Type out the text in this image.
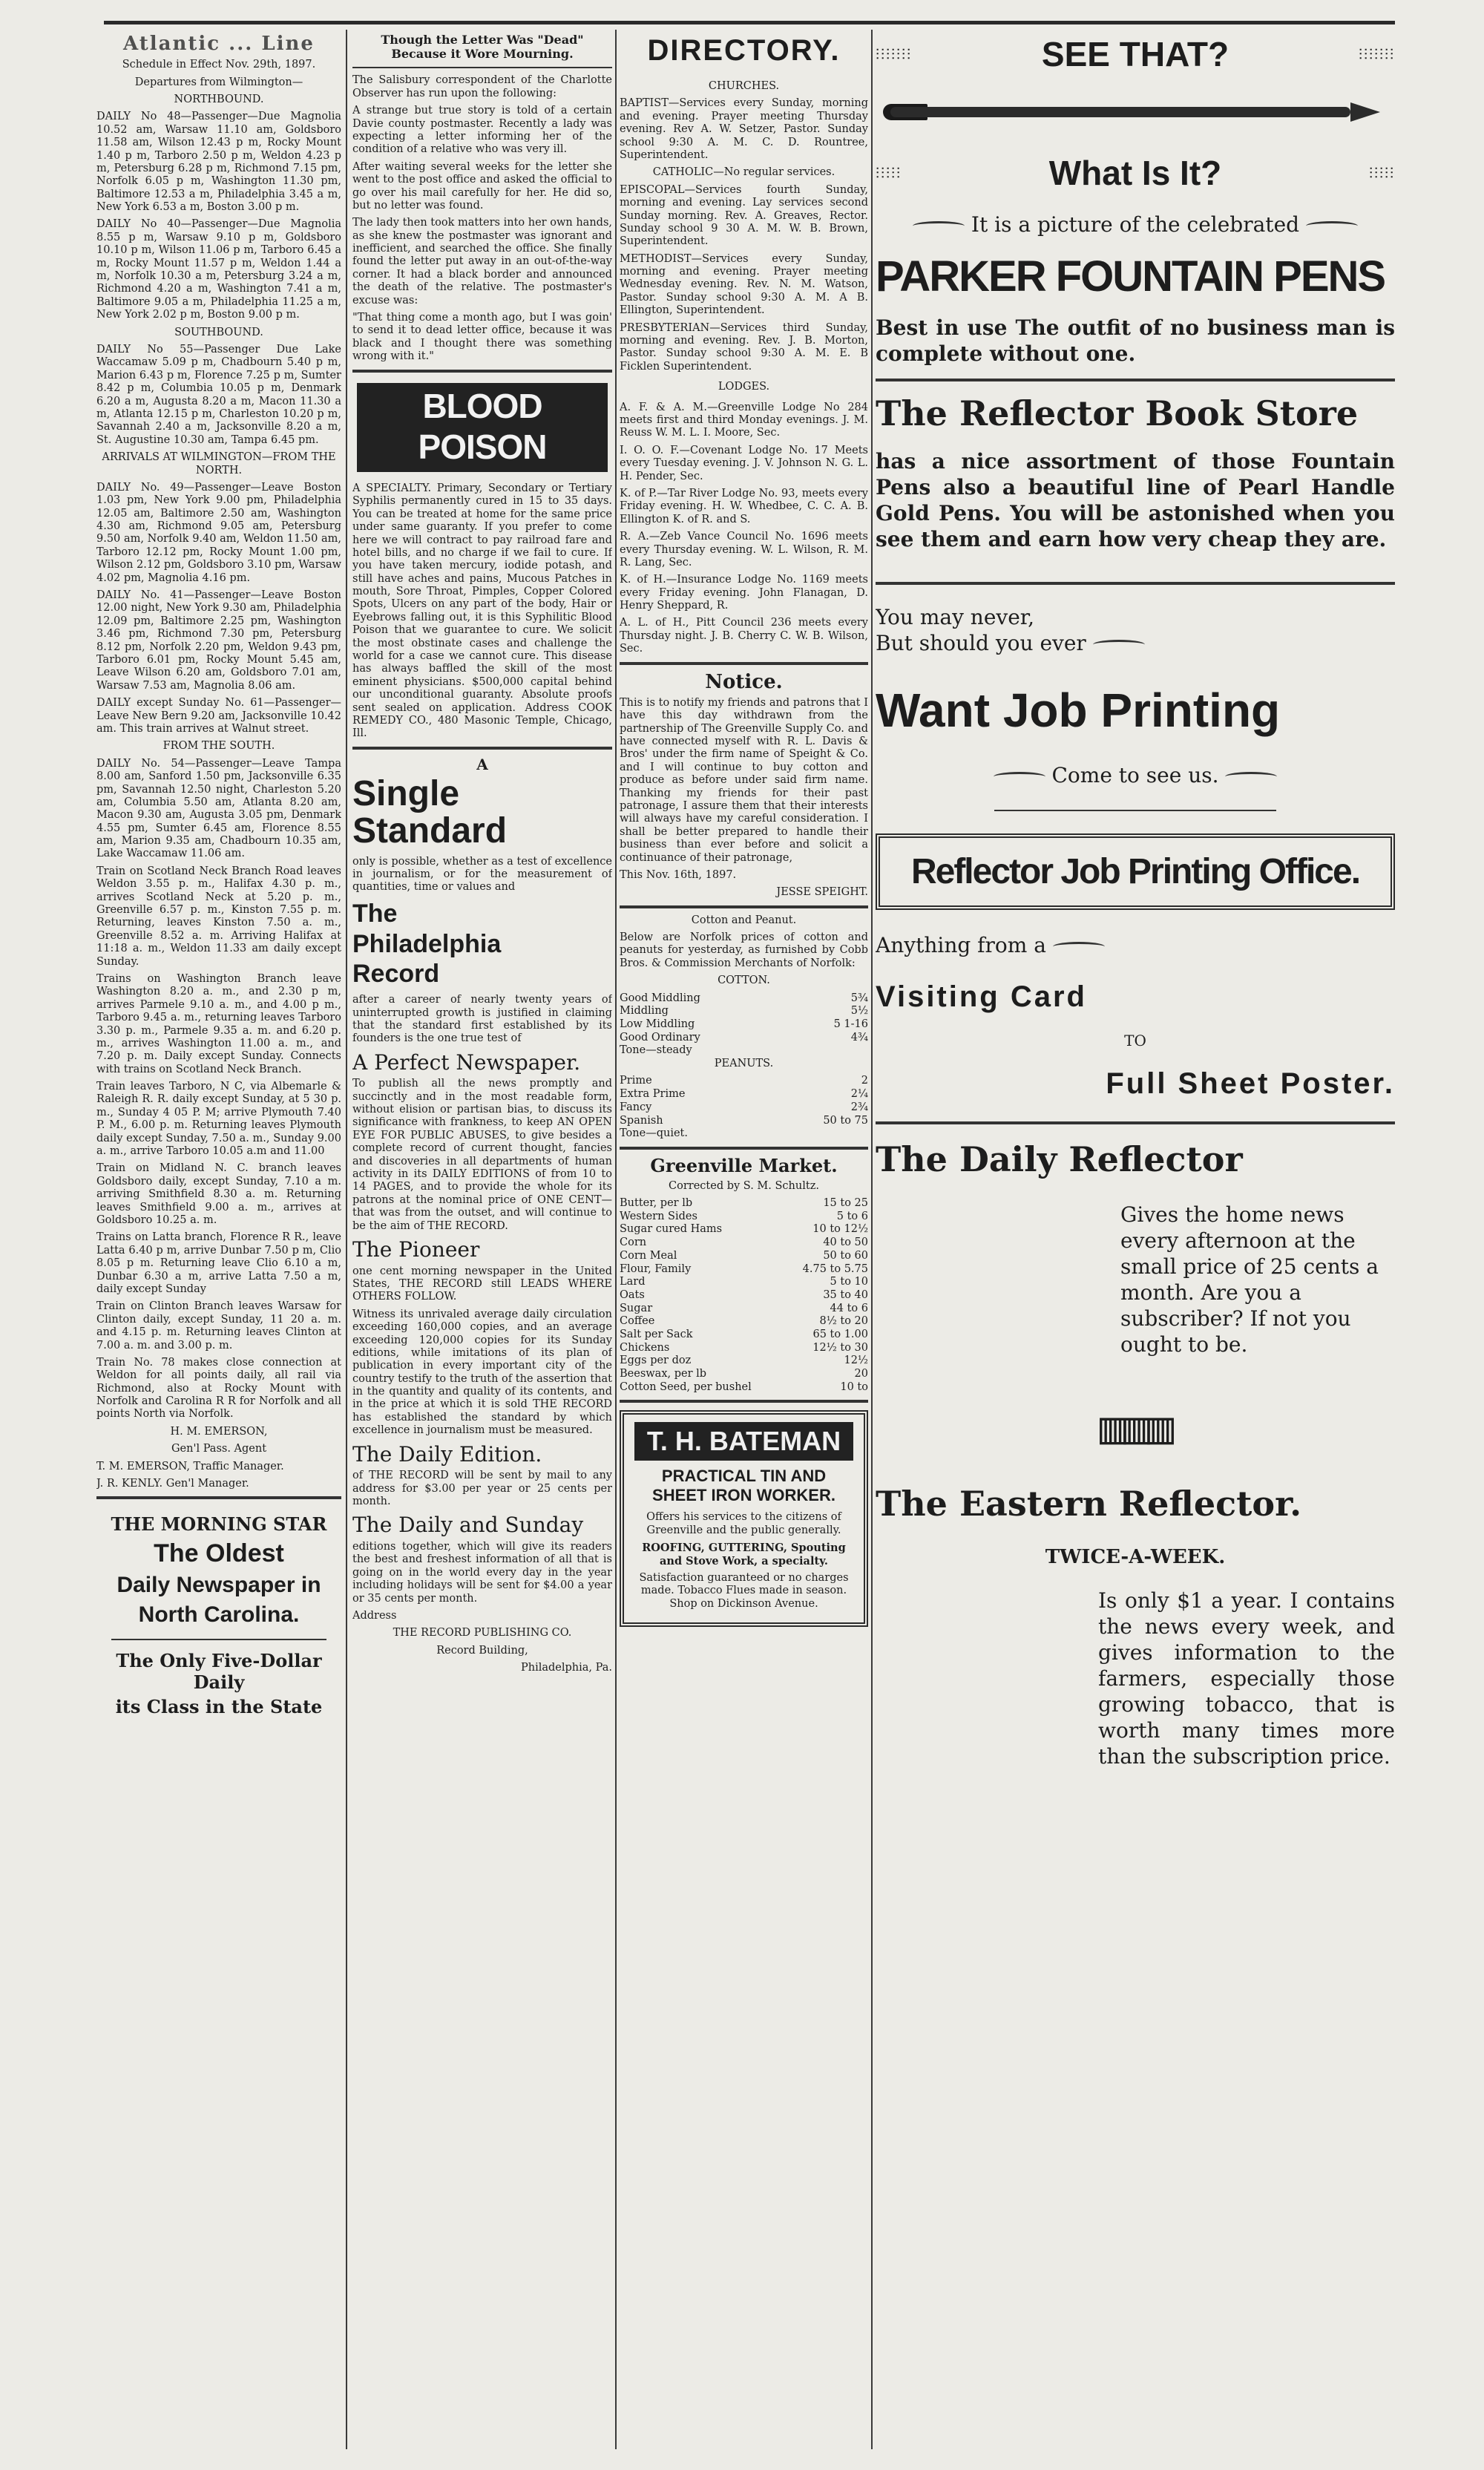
Atlantic ... Line

Schedule in Effect Nov. 29th, 1897.

Departures from Wilmington—

NORTHBOUND.

DAILY No 48—Passenger—Due Magnolia 10.52 am, Warsaw 11.10 am, Goldsboro 11.58 am, Wilson 12.43 p m, Rocky Mount 1.40 p m, Tarboro 2.50 p m, Weldon 4.23 p m, Petersburg 6.28 p m, Richmond 7.15 pm, Norfolk 6.05 p m, Washington 11.30 pm, Baltimore 12.53 a m, Philadelphia 3.45 a m, New York 6.53 a m, Boston 3.00 p m.

DAILY No 40—Passenger—Due Magnolia 8.55 p m, Warsaw 9.10 p m, Goldsboro 10.10 p m, Wilson 11.06 p m, Tarboro 6.45 a m, Rocky Mount 11.57 p m, Weldon 1.44 a m, Norfolk 10.30 a m, Petersburg 3.24 a m, Richmond 4.20 a m, Washington 7.41 a m, Baltimore 9.05 a m, Philadelphia 11.25 a m, New York 2.02 p m, Boston 9.00 p m.

SOUTHBOUND.

DAILY No 55—Passenger Due Lake Waccamaw 5.09 p m, Chadbourn 5.40 p m, Marion 6.43 p m, Florence 7.25 p m, Sumter 8.42 p m, Columbia 10.05 p m, Denmark 6.20 a m, Augusta 8.20 a m, Macon 11.30 a m, Atlanta 12.15 p m, Charleston 10.20 p m, Savannah 2.40 a m, Jacksonville 8.20 a m, St. Augustine 10.30 am, Tampa 6.45 pm.

ARRIVALS AT WILMINGTON—FROM THE NORTH.

DAILY No. 49—Passenger—Leave Boston 1.03 pm, New York 9.00 pm, Philadelphia 12.05 am, Baltimore 2.50 am, Washington 4.30 am, Richmond 9.05 am, Petersburg 9.50 am, Norfolk 9.40 am, Weldon 11.50 am, Tarboro 12.12 pm, Rocky Mount 1.00 pm, Wilson 2.12 pm, Goldsboro 3.10 pm, Warsaw 4.02 pm, Magnolia 4.16 pm.

DAILY No. 41—Passenger—Leave Boston 12.00 night, New York 9.30 am, Philadelphia 12.09 pm, Baltimore 2.25 pm, Washington 3.46 pm, Richmond 7.30 pm, Petersburg 8.12 pm, Norfolk 2.20 pm, Weldon 9.43 pm, Tarboro 6.01 pm, Rocky Mount 5.45 am, Leave Wilson 6.20 am, Goldsboro 7.01 am, Warsaw 7.53 am, Magnolia 8.06 am.

DAILY except Sunday No. 61—Passenger—Leave New Bern 9.20 am, Jacksonville 10.42 am. This train arrives at Walnut street.

FROM THE SOUTH.

DAILY No. 54—Passenger—Leave Tampa 8.00 am, Sanford 1.50 pm, Jacksonville 6.35 pm, Savannah 12.50 night, Charleston 5.20 am, Columbia 5.50 am, Atlanta 8.20 am, Macon 9.30 am, Augusta 3.05 pm, Denmark 4.55 pm, Sumter 6.45 am, Florence 8.55 am, Marion 9.35 am, Chadbourn 10.35 am, Lake Waccamaw 11.06 am.

Train on Scotland Neck Branch Road leaves Weldon 3.55 p. m., Halifax 4.30 p. m., arrives Scotland Neck at 5.20 p. m., Greenville 6.57 p. m., Kinston 7.55 p. m. Returning, leaves Kinston 7.50 a. m., Greenville 8.52 a. m. Arriving Halifax at 11:18 a. m., Weldon 11.33 am daily except Sunday.

Trains on Washington Branch leave Washington 8.20 a. m., and 2.30 p m, arrives Parmele 9.10 a. m., and 4.00 p m., Tarboro 9.45 a. m., returning leaves Tarboro 3.30 p. m., Parmele 9.35 a. m. and 6.20 p. m., arrives Washington 11.00 a. m., and 7.20 p. m. Daily except Sunday. Connects with trains on Scotland Neck Branch.

Train leaves Tarboro, N C, via Albemarle & Raleigh R. R. daily except Sunday, at 5 30 p. m., Sunday 4 05 P. M; arrive Plymouth 7.40 P. M., 6.00 p. m. Returning leaves Plymouth daily except Sunday, 7.50 a. m., Sunday 9.00 a. m., arrive Tarboro 10.05 a.m and 11.00

Train on Midland N. C. branch leaves Goldsboro daily, except Sunday, 7.10 a m. arriving Smithfield 8.30 a. m. Returning leaves Smithfield 9.00 a. m., arrives at Goldsboro 10.25 a. m.

Trains on Latta branch, Florence R R., leave Latta 6.40 p m, arrive Dunbar 7.50 p m, Clio 8.05 p m. Returning leave Clio 6.10 a m, Dunbar 6.30 a m, arrive Latta 7.50 a m, daily except Sunday

Train on Clinton Branch leaves Warsaw for Clinton daily, except Sunday, 11 20 a. m. and 4.15 p. m. Returning leaves Clinton at 7.00 a. m. and 3.00 p. m.

Train No. 78 makes close connection at Weldon for all points daily, all rail via Richmond, also at Rocky Mount with Norfolk and Carolina R R for Norfolk and all points North via Norfolk.

H. M. EMERSON,

Gen'l Pass. Agent

T. M. EMERSON, Traffic Manager.

J. R. KENLY. Gen'l Manager.

THE MORNING STAR
The Oldest
Daily Newspaper in
North Carolina.
The Only Five-Dollar Daily
its Class in the State
Though the Letter Was "Dead" Because it Wore Mourning.

The Salisbury correspondent of the Charlotte Observer has run upon the following:

A strange but true story is told of a certain Davie county postmaster. Recently a lady was expecting a letter informing her of the condition of a relative who was very ill.

After waiting several weeks for the letter she went to the post office and asked the official to go over his mail carefully for her. He did so, but no letter was found.

The lady then took matters into her own hands, as she knew the postmaster was ignorant and inefficient, and searched the office. She finally found the letter put away in an out-of-the-way corner. It had a black border and announced the death of the relative. The postmaster's excuse was:

"That thing come a month ago, but I was goin' to send it to dead letter office, because it was black and I thought there was something wrong with it."

BLOOD POISON

A SPECIALTY. Primary, Secondary or Tertiary Syphilis permanently cured in 15 to 35 days. You can be treated at home for the same price under same guaranty. If you prefer to come here we will contract to pay railroad fare and hotel bills, and no charge if we fail to cure. If you have taken mercury, iodide potash, and still have aches and pains, Mucous Patches in mouth, Sore Throat, Pimples, Copper Colored Spots, Ulcers on any part of the body, Hair or Eyebrows falling out, it is this Syphilitic Blood Poison that we guarantee to cure. We solicit the most obstinate cases and challenge the world for a case we cannot cure. This disease has always baffled the skill of the most eminent physicians. $500,000 capital behind our unconditional guaranty. Absolute proofs sent sealed on application. Address COOK REMEDY CO., 480 Masonic Temple, Chicago, Ill.

A
Single
Standard

only is possible, whether as a test of excellence in journalism, or for the measurement of quantities, time or values and

The
Philadelphia
Record

after a career of nearly twenty years of uninterrupted growth is justified in claiming that the standard first established by its founders is the one true test of

A Perfect Newspaper.

To publish all the news promptly and succinctly and in the most readable form, without elision or partisan bias, to discuss its significance with frankness, to keep AN OPEN EYE FOR PUBLIC ABUSES, to give besides a complete record of current thought, fancies and discoveries in all departments of human activity in its DAILY EDITIONS of from 10 to 14 PAGES, and to provide the whole for its patrons at the nominal price of ONE CENT—that was from the outset, and will continue to be the aim of THE RECORD.

The Pioneer

one cent morning newspaper in the United States, THE RECORD still LEADS WHERE OTHERS FOLLOW.

Witness its unrivaled average daily circulation exceeding 160,000 copies, and an average exceeding 120,000 copies for its Sunday editions, while imitations of its plan of publication in every important city of the country testify to the truth of the assertion that in the quantity and quality of its contents, and in the price at which it is sold THE RECORD has established the standard by which excellence in journalism must be measured.

The Daily Edition.

of THE RECORD will be sent by mail to any address for $3.00 per year or 25 cents per month.

The Daily and Sunday

editions together, which will give its readers the best and freshest information of all that is going on in the world every day in the year including holidays will be sent for $4.00 a year or 35 cents per month.

Address

THE RECORD PUBLISHING CO.

Record Building,

Philadelphia, Pa.

DIRECTORY.

CHURCHES.

BAPTIST—Services every Sunday, morning and evening. Prayer meeting Thursday evening. Rev A. W. Setzer, Pastor. Sunday school 9:30 A. M. C. D. Rountree, Superintendent.

CATHOLIC—No regular services.

EPISCOPAL—Services fourth Sunday, morning and evening. Lay services second Sunday morning. Rev. A. Greaves, Rector. Sunday school 9 30 A. M. W. B. Brown, Superintendent.

METHODIST—Services every Sunday, morning and evening. Prayer meeting Wednesday evening. Rev. N. M. Watson, Pastor. Sunday school 9:30 A. M. A B. Ellington, Superintendent.

PRESBYTERIAN—Services third Sunday, morning and evening. Rev. J. B. Morton, Pastor. Sunday school 9:30 A. M. E. B Ficklen Superintendent.

LODGES.

A. F. & A. M.—Greenville Lodge No 284 meets first and third Monday evenings. J. M. Reuss W. M. L. I. Moore, Sec.

I. O. O. F.—Covenant Lodge No. 17 Meets every Tuesday evening. J. V. Johnson N. G. L. H. Pender, Sec.

K. of P.—Tar River Lodge No. 93, meets every Friday evening. H. W. Whedbee, C. C. A. B. Ellington K. of R. and S.

R. A.—Zeb Vance Council No. 1696 meets every Thursday evening. W. L. Wilson, R. M. R. Lang, Sec.

K. of H.—Insurance Lodge No. 1169 meets every Friday evening. John Flanagan, D. Henry Sheppard, R.

A. L. of H., Pitt Council 236 meets every Thursday night. J. B. Cherry C. W. B. Wilson, Sec.

Notice.

This is to notify my friends and patrons that I have this day withdrawn from the partnership of The Greenville Supply Co. and have connected myself with R. L. Davis & Bros' under the firm name of Speight & Co. and I will continue to buy cotton and produce as before under said firm name. Thanking my friends for their past patronage, I assure them that their interests will always have my careful consideration. I shall be better prepared to handle their business than ever before and solicit a continuance of their patronage,

This Nov. 16th, 1897.

JESSE SPEIGHT.

Cotton and Peanut.

Below are Norfolk prices of cotton and peanuts for yesterday, as furnished by Cobb Bros. & Commission Merchants of Norfolk:

COTTON.

Good Middling	5¾
Middling	5½
Low Middling	5 1-16
Good Ordinary	4¾
Tone—steady

PEANUTS.

Prime	2
Extra Prime	2¼
Fancy	2¾
Spanish	50 to 75
Tone—quiet.
Greenville Market.

Corrected by S. M. Schultz.

Butter, per lb	15 to 25
Western Sides	5 to 6
Sugar cured Hams	10 to 12½
Corn	40 to 50
Corn Meal	50 to 60
Flour, Family	4.75 to 5.75
Lard	5 to 10
Oats	35 to 40
Sugar	44 to 6
Coffee	8½ to 20
Salt per Sack	65 to 1.00
Chickens	12½ to 30
Eggs per doz	12½
Beeswax, per lb	20
Cotton Seed, per bushel	10 to
T. H. BATEMAN
PRACTICAL TIN AND SHEET IRON WORKER.

Offers his services to the citizens of Greenville and the public generally.

ROOFING, GUTTERING, Spouting and Stove Work, a specialty.

Satisfaction guaranteed or no charges made. Tobacco Flues made in season. Shop on Dickinson Avenue.

⫶⫶⫶⫶⫶⫶⫶	SEE THAT?	⫶⫶⫶⫶⫶⫶⫶
⫶⫶⫶⫶⫶	What Is It?	⫶⫶⫶⫶⫶
It is a picture of the celebrated
PARKER FOUNTAIN PENS

Best in use The outfit of no business man is complete without one.

The Reflector Book Store

has a nice assortment of those Fountain Pens also a beautiful line of Pearl Handle Gold Pens. You will be astonished when you see them and earn how very cheap they are.

You may never,

But should you ever

Want Job Printing
Come to see us.
Reflector Job Printing Office.

Anything from a

Visiting Card
TO
Full Sheet Poster.
The Daily Reflector

Gives the home news every afternoon at the small price of 25 cents a month. Are you a subscriber? If not you ought to be.

▥▥▥
The Eastern Reflector.
TWICE-A-WEEK.

Is only $1 a year. I contains the news every week, and gives information to the farmers, especially those growing tobacco, that is worth many times more than the subscription price.
